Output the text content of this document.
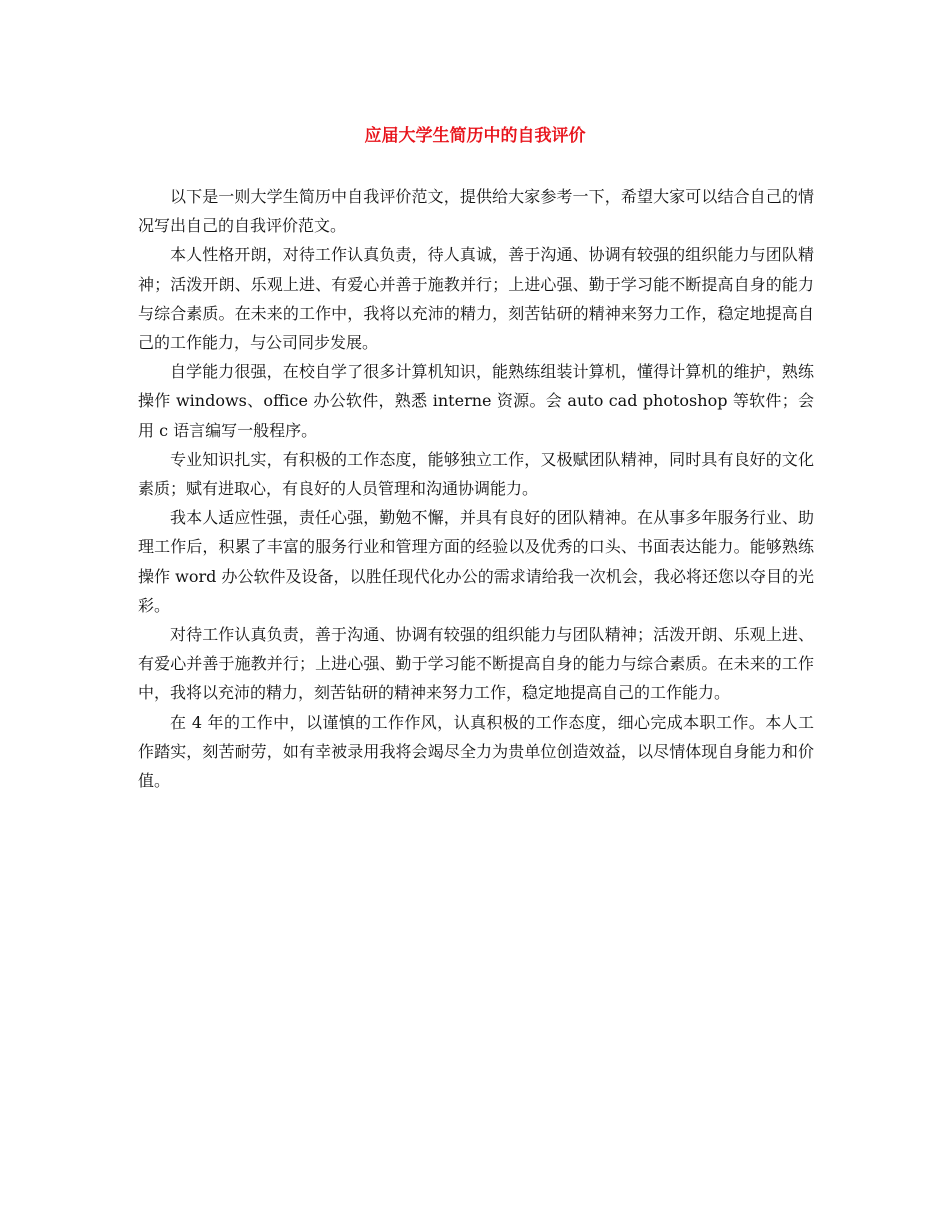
应届大学生简历中的自我评价

以下是一则大学生简历中自我评价范文，提供给大家参考一下，希望大家可以结合自己的情况写出自己的自我评价范文。

本人性格开朗，对待工作认真负责，待人真诚，善于沟通、协调有较强的组织能力与团队精神；活泼开朗、乐观上进、有爱心并善于施教并行；上进心强、勤于学习能不断提高自身的能力与综合素质。在未来的工作中，我将以充沛的精力，刻苦钻研的精神来努力工作，稳定地提高自己的工作能力，与公司同步发展。

自学能力很强，在校自学了很多计算机知识，能熟练组装计算机，懂得计算机的维护，熟练操作 windows、office 办公软件，熟悉 interne 资源。会 auto cad photoshop 等软件；会用 c 语言编写一般程序。

专业知识扎实，有积极的工作态度，能够独立工作，又极赋团队精神，同时具有良好的文化素质；赋有进取心，有良好的人员管理和沟通协调能力。

我本人适应性强，责任心强，勤勉不懈，并具有良好的团队精神。在从事多年服务行业、助理工作后，积累了丰富的服务行业和管理方面的经验以及优秀的口头、书面表达能力。能够熟练操作 word 办公软件及设备，以胜任现代化办公的需求请给我一次机会，我必将还您以夺目的光彩。

对待工作认真负责，善于沟通、协调有较强的组织能力与团队精神；活泼开朗、乐观上进、有爱心并善于施教并行；上进心强、勤于学习能不断提高自身的能力与综合素质。在未来的工作中，我将以充沛的精力，刻苦钻研的精神来努力工作，稳定地提高自己的工作能力。

在 4 年的工作中，以谨慎的工作作风，认真积极的工作态度，细心完成本职工作。本人工作踏实，刻苦耐劳，如有幸被录用我将会竭尽全力为贵单位创造效益，以尽情体现自身能力和价值。
